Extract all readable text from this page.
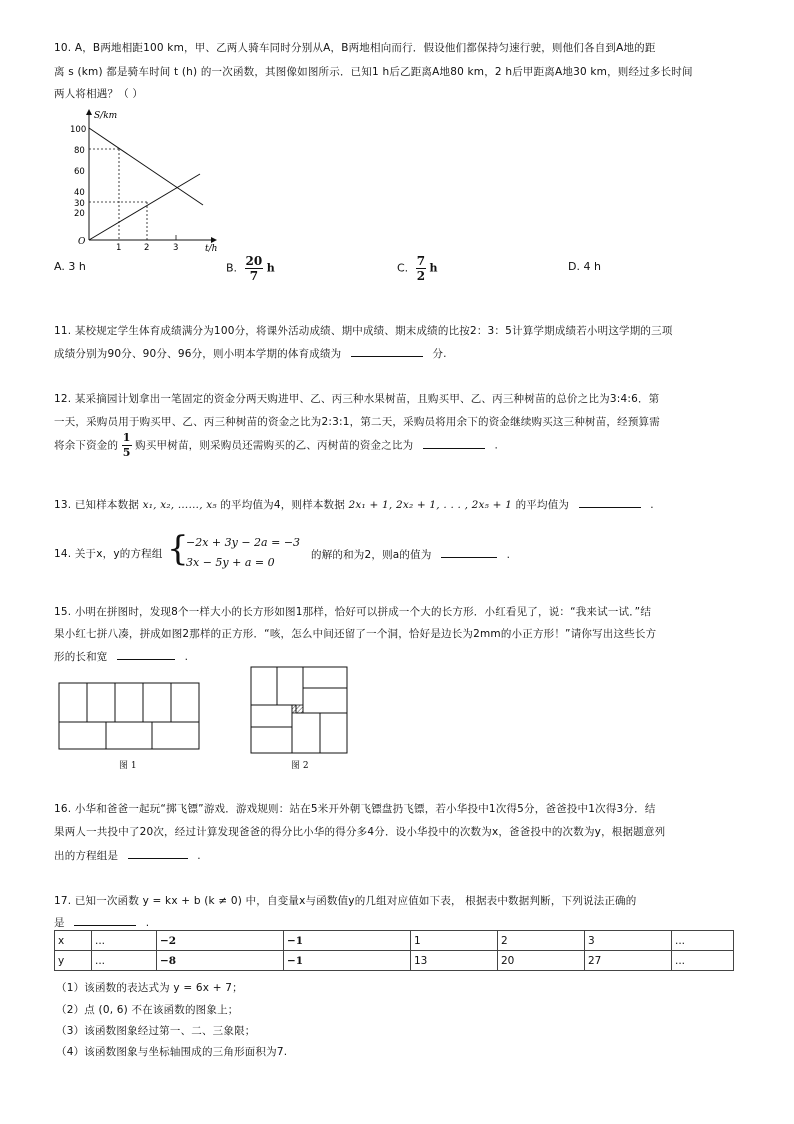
10. A，B两地相距100 km，甲、乙两人骑车同时分别从A，B两地相向而行．假设他们都保持匀速行驶，则他们各自到A地的距
离 s (km) 都是骑车时间 t (h) 的一次函数，其图像如图所示．已知1 h后乙距离A地80 km，2 h后甲距离A地30 km，则经过多长时间
两人将相遇？（ ）
S/km
t/h
O
100
80
60
40
30
20
1	2	3
A. 3 h	B. $\frac{20}{7}$ h	C. $\frac{7}{2}$ h	D. 4 h
11. 某校规定学生体育成绩满分为100分，将课外活动成绩、期中成绩、期末成绩的比按2：3：5计算学期成绩若小明这学期的三项
成绩分别为90分、90分、96分，则小明本学期的体育成绩为	分.
12. 某采摘园计划拿出一笔固定的资金分两天购进甲、乙、丙三种水果树苗，且购买甲、乙、丙三种树苗的总价之比为3:4:6．第
一天，采购员用于购买甲、乙、丙三种树苗的资金之比为2:3:1，第二天，采购员将用余下的资金继续购买这三种树苗，经预算需
将余下资金的 $\frac{1}{5}$ 购买甲树苗，则采购员还需购买的乙、丙树苗的资金之比为	.
13. 已知样本数据 x₁, x₂, ……, x₅ 的平均值为4，则样本数据 2x₁ + 1, 2x₂ + 1, . . . , 2x₅ + 1 的平均值为	.
14. 关于x，y的方程组 {
−2x + 3y − 2a = −3
3x − 5y + a = 0
的解的和为2，则a的值为	.
15. 小明在拼图时，发现8个一样大小的长方形如图1那样，恰好可以拼成一个大的长方形．小红看见了，说：“我来试一试．”结
果小红七拼八凑，拼成如图2那样的正方形．“咳，怎么中间还留了一个洞，恰好是边长为2mm的小正方形！”请你写出这些长方
形的长和宽	.
图 1	图 2
16. 小华和爸爸一起玩“掷飞镖”游戏．游戏规则：站在5米开外朝飞镖盘扔飞镖，若小华投中1次得5分，爸爸投中1次得3分．结
果两人一共投中了20次，经过计算发现爸爸的得分比小华的得分多4分．设小华投中的次数为x，爸爸投中的次数为y，根据题意列
出的方程组是	.
17. 已知一次函数 y = kx + b (k ≠ 0) 中，自变量x与函数值y的几组对应值如下表， 根据表中数据判断，下列说法正确的
是	.
x	...	−2	−1	1	2	3	...
y	...	−8	−1	13	20	27	...
（1）该函数的表达式为 y = 6x + 7；
（2）点 (0, 6) 不在该函数的图象上；
（3）该函数图象经过第一、二、三象限；
（4）该函数图象与坐标轴围成的三角形面积为7.
